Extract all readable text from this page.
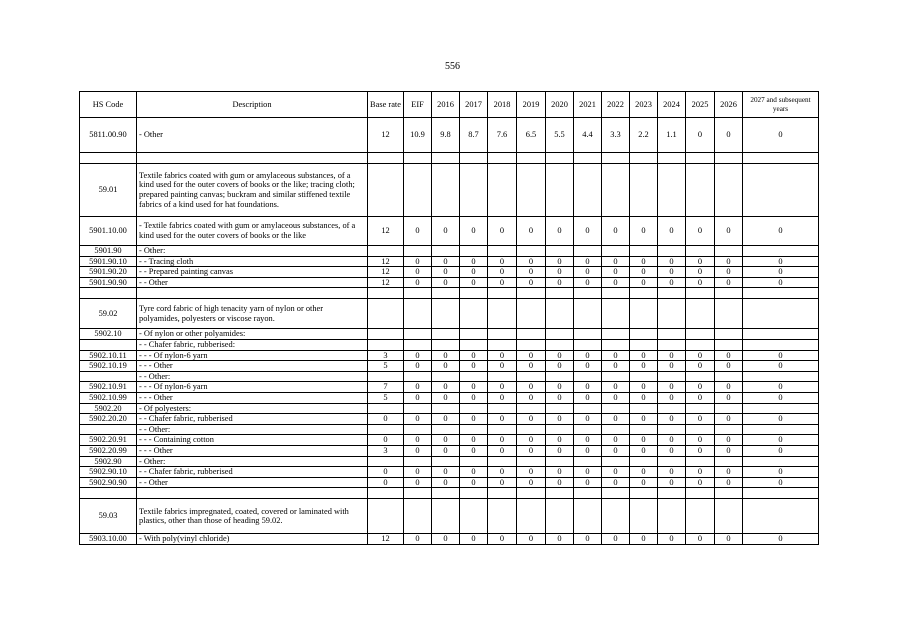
556
HS Code	Description	Base rate	EIF	2016	2017	2018	2019	2020	2021	2022	2023	2024	2025	2026	2027 and subsequent years
5811.00.90	- Other	12	10.9	9.8	8.7	7.6	6.5	5.5	4.4	3.3	2.2	1.1	0	0	0

59.01	Textile fabrics coated with gum or amylaceous substances, of a kind used for the outer covers of books or the like; tracing cloth; prepared painting canvas; buckram and similar stiffened textile fabrics of a kind used for hat foundations.														
5901.10.00	- Textile fabrics coated with gum or amylaceous substances, of a kind used for the outer covers of books or the like	12	0	0	0	0	0	0	0	0	0	0	0	0	0
5901.90	- Other:														
5901.90.10	- - Tracing cloth	12	0	0	0	0	0	0	0	0	0	0	0	0	0
5901.90.20	- - Prepared painting canvas	12	0	0	0	0	0	0	0	0	0	0	0	0	0
5901.90.90	- - Other	12	0	0	0	0	0	0	0	0	0	0	0	0	0

59.02	Tyre cord fabric of high tenacity yarn of nylon or other polyamides, polyesters or viscose rayon.														
5902.10	- Of nylon or other polyamides:														
	- - Chafer fabric, rubberised:														
5902.10.11	- - - Of nylon-6 yarn	3	0	0	0	0	0	0	0	0	0	0	0	0	0
5902.10.19	- - - Other	5	0	0	0	0	0	0	0	0	0	0	0	0	0
	- - Other:														
5902.10.91	- - - Of nylon-6 yarn	7	0	0	0	0	0	0	0	0	0	0	0	0	0
5902.10.99	- - - Other	5	0	0	0	0	0	0	0	0	0	0	0	0	0
5902.20	- Of polyesters:														
5902.20.20	- - Chafer fabric, rubberised	0	0	0	0	0	0	0	0	0	0	0	0	0	0
	- - Other:														
5902.20.91	- - - Containing cotton	0	0	0	0	0	0	0	0	0	0	0	0	0	0
5902.20.99	- - - Other	3	0	0	0	0	0	0	0	0	0	0	0	0	0
5902.90	- Other:														
5902.90.10	- - Chafer fabric, rubberised	0	0	0	0	0	0	0	0	0	0	0	0	0	0
5902.90.90	- - Other	0	0	0	0	0	0	0	0	0	0	0	0	0	0

59.03	Textile fabrics impregnated, coated, covered or laminated with plastics, other than those of heading 59.02.														
5903.10.00	- With poly(vinyl chloride)	12	0	0	0	0	0	0	0	0	0	0	0	0	0
